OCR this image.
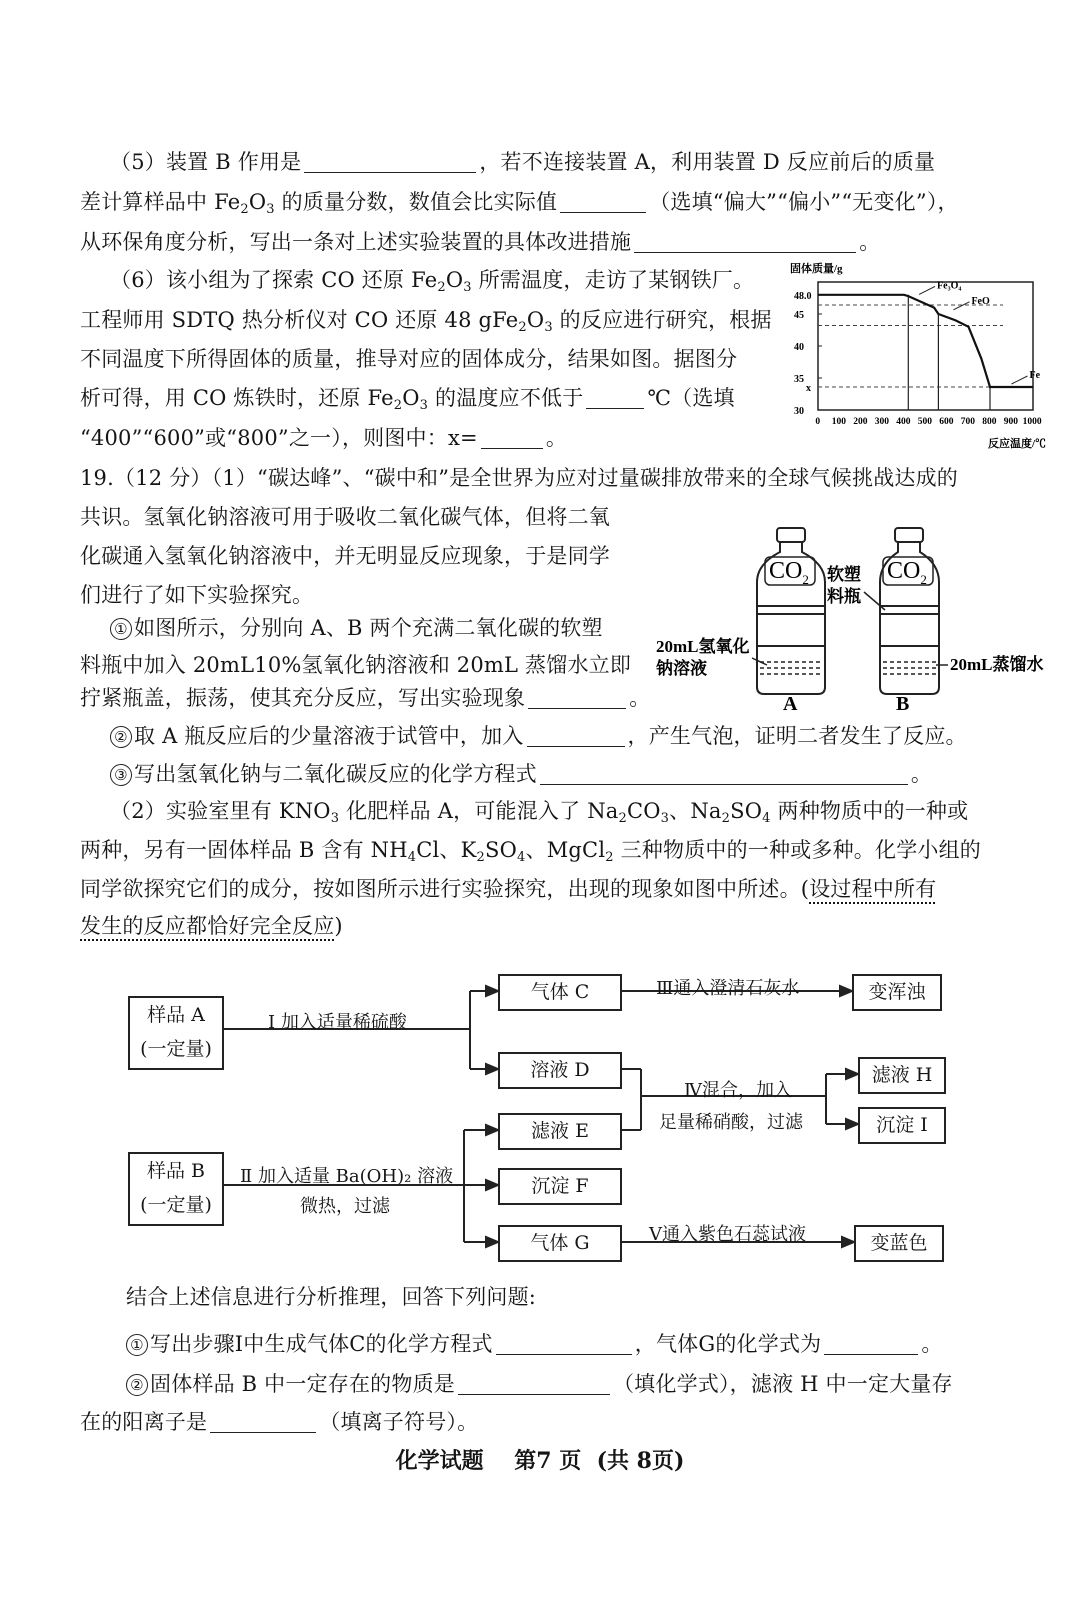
（5）装置 B 作用是	，若不连接装置 A，利用装置 D 反应前后的质量
差计算样品中 $Fe_2O_3$ 的质量分数，数值会比实际值	（选填“偏大”“偏小”“无变化”），
从环保角度分析，写出一条对上述实验装置的具体改进措施	。
（6）该小组为了探索 CO 还原 $Fe_2O_3$ 所需温度，走访了某钢铁厂。
工程师用 SDTQ 热分析仪对 CO 还原 48 $gFe_2O_3$ 的反应进行研究，根据
不同温度下所得固体的质量，推导对应的固体成分，结果如图。据图分
析可得，用 CO 炼铁时，还原 $Fe_2O_3$ 的温度应不低于	℃（选填
“400”“600”或“800”之一），则图中：x=	。
固体质量/g
反应温度/℃
30
35
x
40
45
48.0
0 100 200 300 400 500 600 700 800 900 1000
Fe₃O₄
FeO
Fe
19.（12 分）（1）“碳达峰”、“碳中和”是全世界为应对过量碳排放带来的全球气候挑战达成的
共识。氢氧化钠溶液可用于吸收二氧化碳气体，但将二氧
化碳通入氢氧化钠溶液中，并无明显反应现象，于是同学
们进行了如下实验探究。
① 如图所示，分别向 A、B 两个充满二氧化碳的软塑
料瓶中加入 20mL10%氢氧化钠溶液和 20mL 蒸馏水立即
拧紧瓶盖，振荡，使其充分反应，写出实验现象	。
② 取 A 瓶反应后的少量溶液于试管中，加入	，产生气泡，证明二者发生了反应。
③ 写出氢氧化钠与二氧化碳反应的化学方程式	。
$CO_2$
A
$CO_2$
B
软塑
料瓶
20mL氢氧化
钠溶液	20mL蒸馏水
（2）实验室里有 $KNO_3$ 化肥样品 A，可能混入了 $Na_2CO_3$、$Na_2SO_4$ 两种物质中的一种或
两种，另有一固体样品 B 含有 $NH_4Cl$、$K_2SO_4$、MgCl$_2$ 三种物质中的一种或多种。化学小组的
同学欲探究它们的成分，按如图所示进行实验探究，出现的现象如图中所述。(设过程中所有
发生的反应都恰好完全反应)
样品 A
(一定量)
样品 B
(一定量)
Ⅰ 加入适量稀硫酸
Ⅱ 加入适量 Ba(OH)₂ 溶液
微热，过滤
Ⅲ通入澄清石灰水
Ⅳ混合，加入
足量稀硝酸，过滤
Ⅴ通入紫色石蕊试液
气体 C
溶液 D
滤液 E
沉淀 F
气体 G
变浑浊
滤液 H
沉淀 I
变蓝色
结合上述信息进行分析推理，回答下列问题:
① 写出步骤Ⅰ中生成气体C的化学方程式	，气体G的化学式为	。
② 固体样品 B 中一定存在的物质是	（填化学式），滤液 H 中一定大量存
在的阳离子是	（填离子符号）。
化学试题 第7 页 (共 8页)
